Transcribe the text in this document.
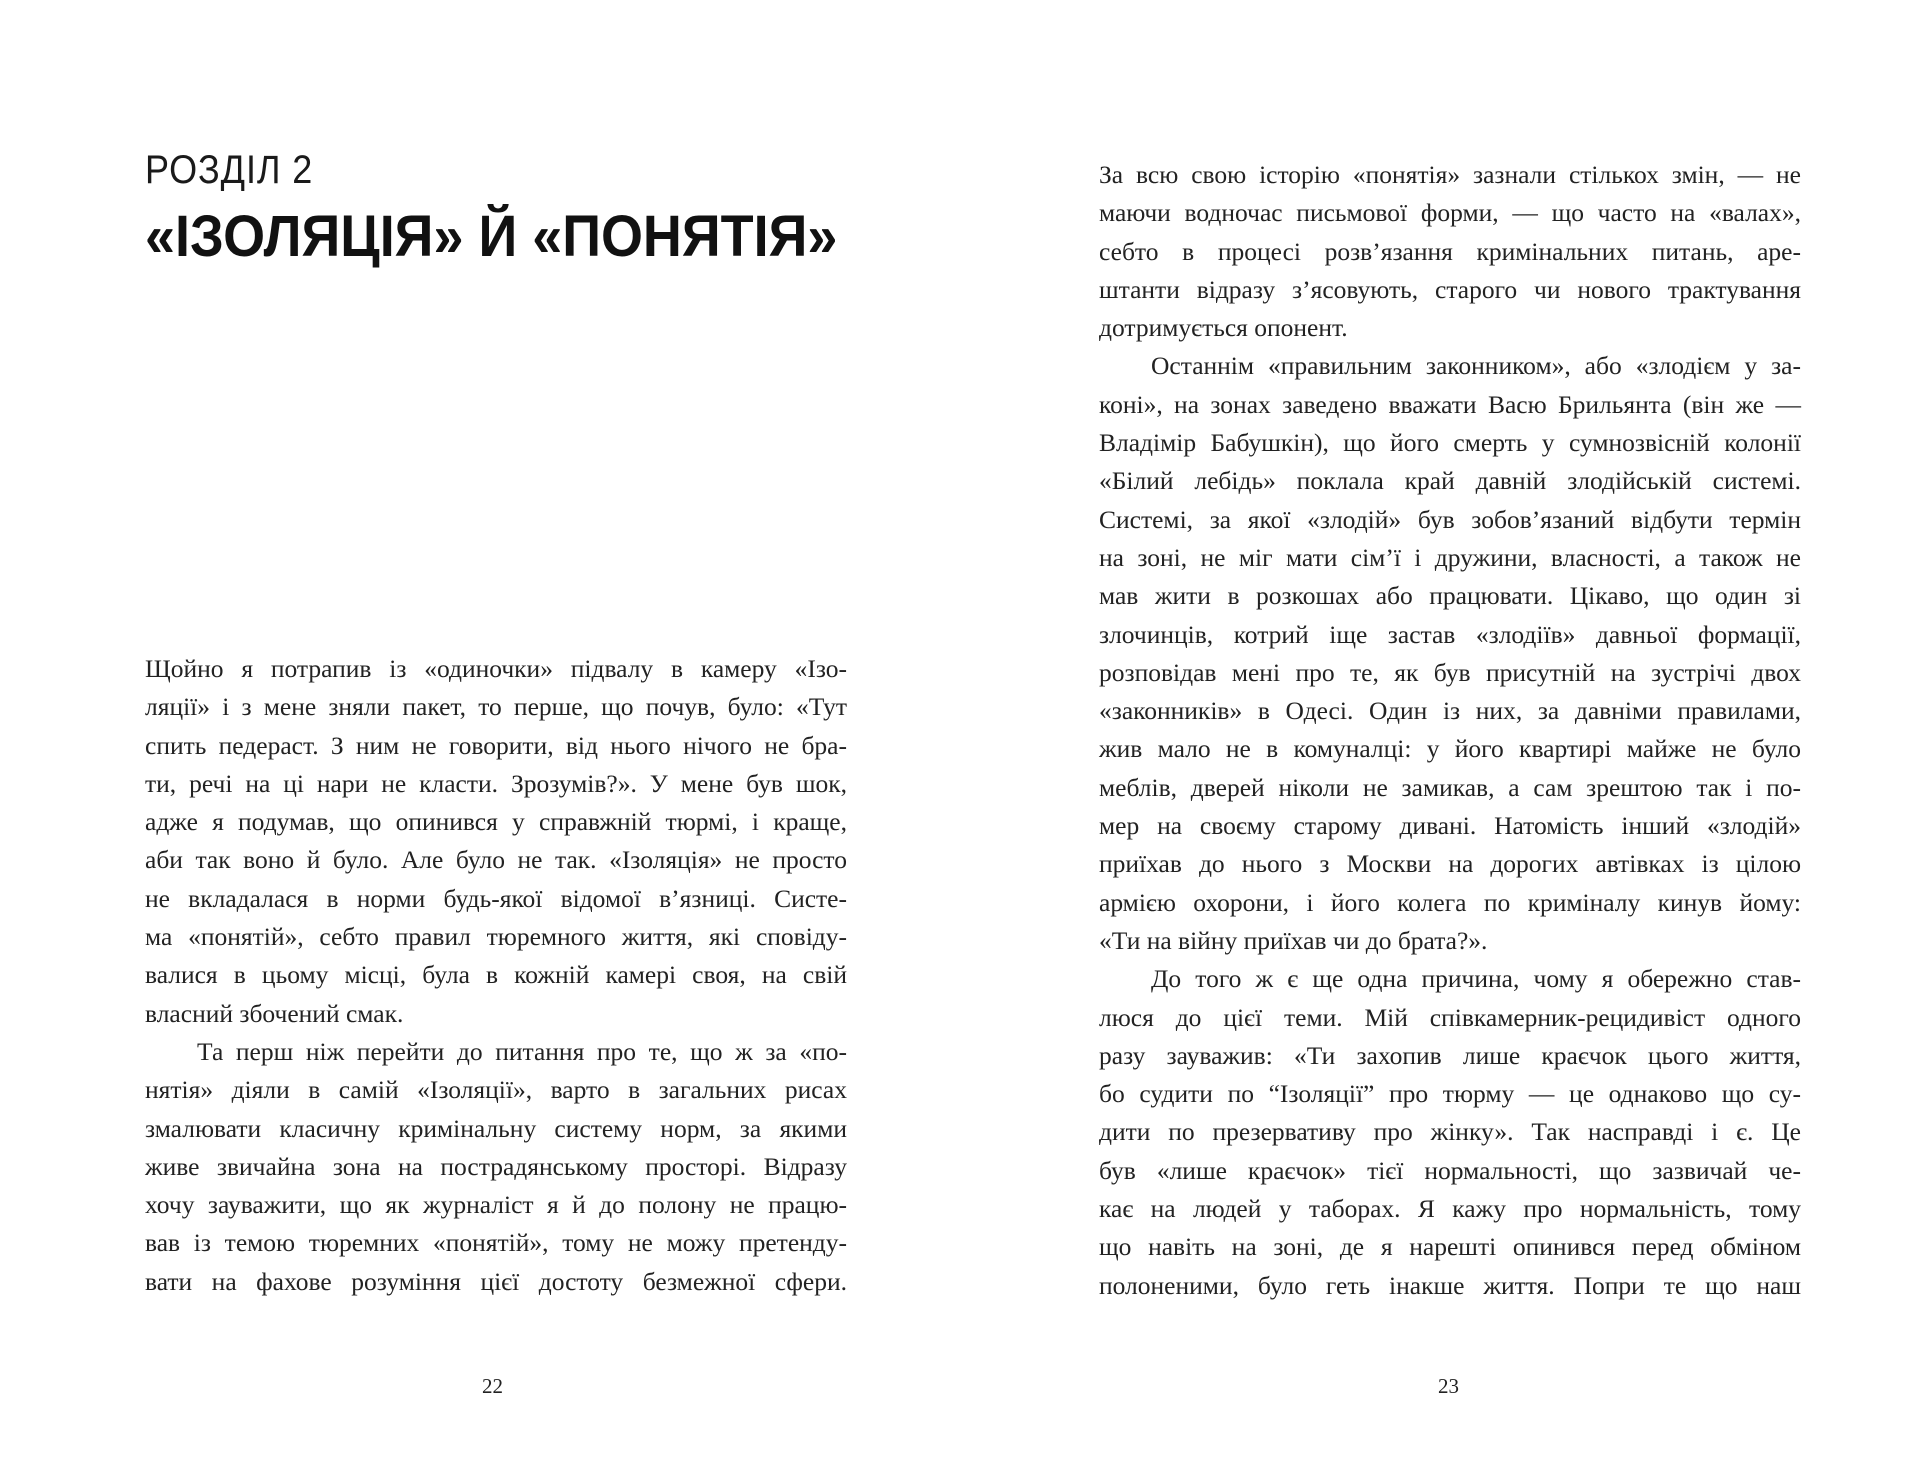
РОЗДІЛ 2
«ІЗОЛЯЦІЯ» Й «ПОНЯТІЯ»
Щойно я потрапив із «одиночки» підвалу в камеру «Ізо-
ляції» і з мене зняли пакет, то перше, що почув, було: «Тут
спить педераст. З ним не говорити, від нього нічого не бра-
ти, речі на ці нари не класти. Зрозумів?». У мене був шок,
адже я подумав, що опинився у справжній тюрмі, і краще,
аби так воно й було. Але було не так. «Ізоляція» не просто
не вкладалася в норми будь-якої відомої в’язниці. Систе-
ма «понятій», себто правил тюремного життя, які сповіду-
валися в цьому місці, була в кожній камері своя, на свій
власний збочений смак.
Та перш ніж перейти до питання про те, що ж за «по-
нятія» діяли в самій «Ізоляції», варто в загальних рисах
змалювати класичну кримінальну систему норм, за якими
живе звичайна зона на пострадянському просторі. Відразу
хочу зауважити, що як журналіст я й до полону не працю-
вав із темою тюремних «понятій», тому не можу претенду-
вати на фахове розуміння цієї достоту безмежної сфери.
22
За всю свою історію «понятія» зазнали стількох змін, — не
маючи водночас письмової форми, — що часто на «валах»,
себто в процесі розв’язання кримінальних питань, аре-
штанти відразу з’ясовують, старого чи нового трактування
дотримується опонент.
Останнім «правильним законником», або «злодієм у за-
коні», на зонах заведено вважати Васю Брильянта (він же —
Владімір Бабушкін), що його смерть у сумнозвісній колонії
«Білий лебідь» поклала край давній злодійській системі.
Системі, за якої «злодій» був зобов’язаний відбути термін
на зоні, не міг мати сім’ї і дружини, власності, а також не
мав жити в розкошах або працювати. Цікаво, що один зі
злочинців, котрий іще застав «злодіїв» давньої формації,
розповідав мені про те, як був присутній на зустрічі двох
«законників» в Одесі. Один із них, за давніми правилами,
жив мало не в комуналці: у його квартирі майже не було
меблів, дверей ніколи не замикав, а сам зрештою так і по-
мер на своєму старому дивані. Натомість інший «злодій»
приїхав до нього з Москви на дорогих автівках із цілою
армією охорони, і його колега по криміналу кинув йому:
«Ти на війну приїхав чи до брата?».
До того ж є ще одна причина, чому я обережно став-
люся до цієї теми. Мій співкамерник-рецидивіст одного
разу зауважив: «Ти захопив лише краєчок цього життя,
бо судити по “Ізоляції” про тюрму — це однаково що су-
дити по презервативу про жінку». Так насправді і є. Це
був «лише краєчок» тієї нормальності, що зазвичай че-
кає на людей у таборах. Я кажу про нормальність, тому
що навіть на зоні, де я нарешті опинився перед обміном
полоненими, було геть інакше життя. Попри те що наш
23
